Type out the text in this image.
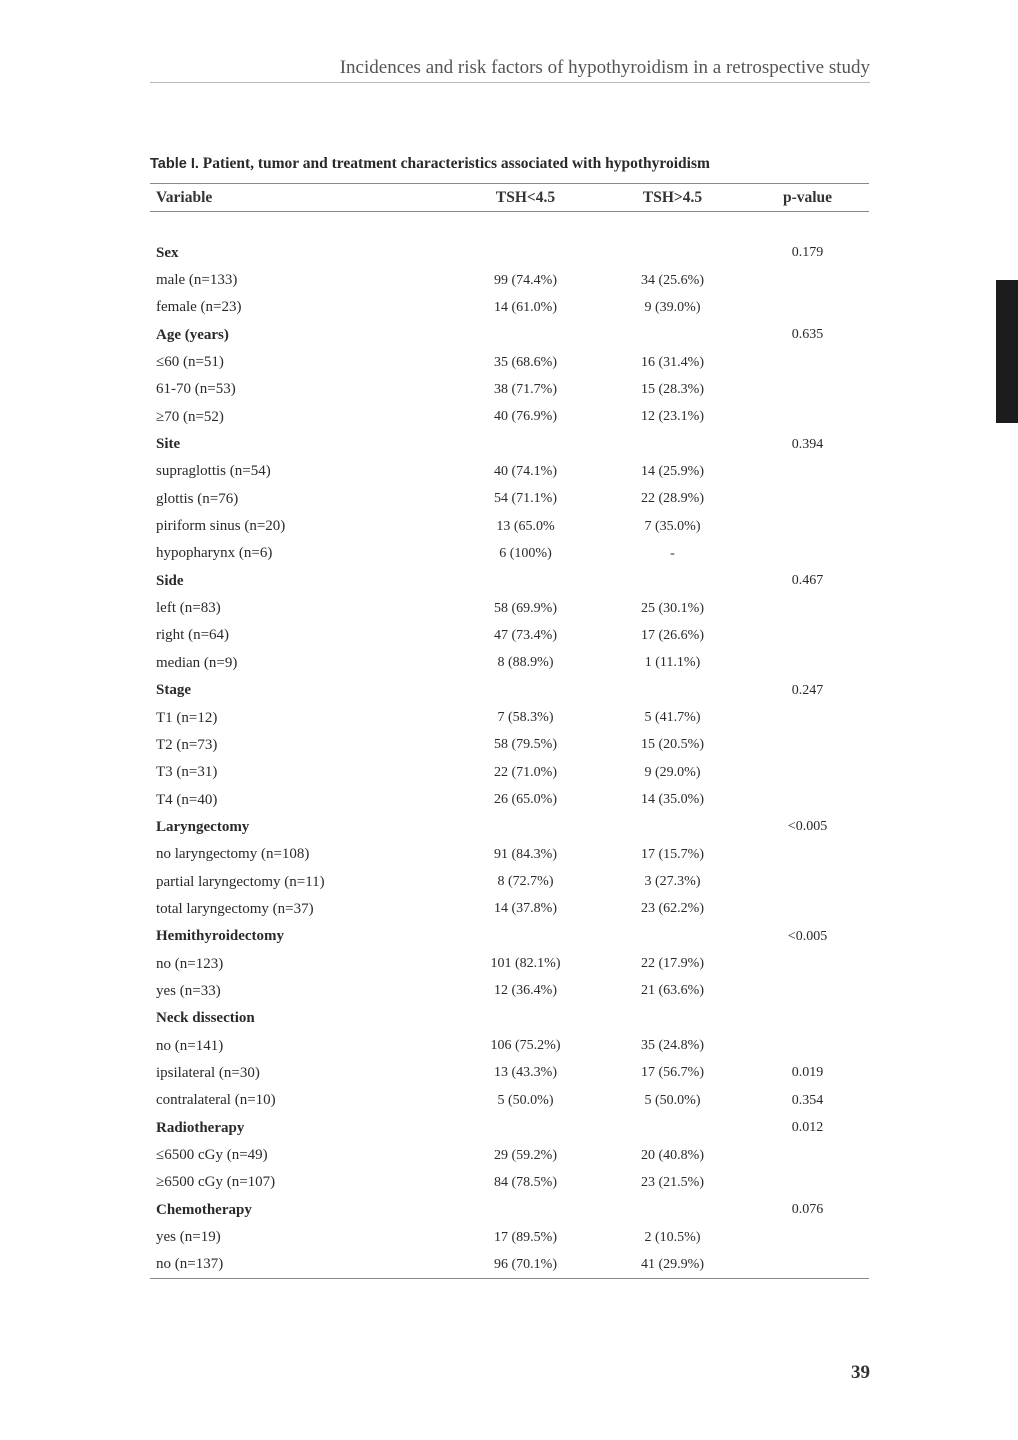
Incidences and risk factors of hypothyroidism in a retrospective study
Table I. Patient, tumor and treatment characteristics associated with hypothyroidism
Variable	TSH<4.5	TSH>4.5	p-value

Sex			0.179
male (n=133)	99 (74.4%)	34 (25.6%)	
female (n=23)	14 (61.0%)	9 (39.0%)	
Age (years)			0.635
≤60 (n=51)	35 (68.6%)	16 (31.4%)	
61-70 (n=53)	38 (71.7%)	15 (28.3%)	
≥70 (n=52)	40 (76.9%)	12 (23.1%)	
Site			0.394
supraglottis (n=54)	40 (74.1%)	14 (25.9%)	
glottis (n=76)	54 (71.1%)	22 (28.9%)	
piriform sinus (n=20)	13 (65.0%	7 (35.0%)	
hypopharynx (n=6)	6 (100%)	-	
Side			0.467
left (n=83)	58 (69.9%)	25 (30.1%)	
right (n=64)	47 (73.4%)	17 (26.6%)	
median (n=9)	8 (88.9%)	1 (11.1%)	
Stage			0.247
T1 (n=12)	7 (58.3%)	5 (41.7%)	
T2 (n=73)	58 (79.5%)	15 (20.5%)	
T3 (n=31)	22 (71.0%)	9 (29.0%)	
T4 (n=40)	26 (65.0%)	14 (35.0%)	
Laryngectomy			<0.005
no laryngectomy (n=108)	91 (84.3%)	17 (15.7%)	
partial laryngectomy (n=11)	8 (72.7%)	3 (27.3%)	
total laryngectomy (n=37)	14 (37.8%)	23 (62.2%)	
Hemithyroidectomy			<0.005
no (n=123)	101 (82.1%)	22 (17.9%)	
yes (n=33)	12 (36.4%)	21 (63.6%)	
Neck dissection			
no (n=141)	106 (75.2%)	35 (24.8%)	
ipsilateral (n=30)	13 (43.3%)	17 (56.7%)	0.019
contralateral (n=10)	5 (50.0%)	5 (50.0%)	0.354
Radiotherapy			0.012
≤6500 cGy (n=49)	29 (59.2%)	20 (40.8%)	
≥6500 cGy (n=107)	84 (78.5%)	23 (21.5%)	
Chemotherapy			0.076
yes (n=19)	17 (89.5%)	2 (10.5%)	
no (n=137)	96 (70.1%)	41 (29.9%)	
39
